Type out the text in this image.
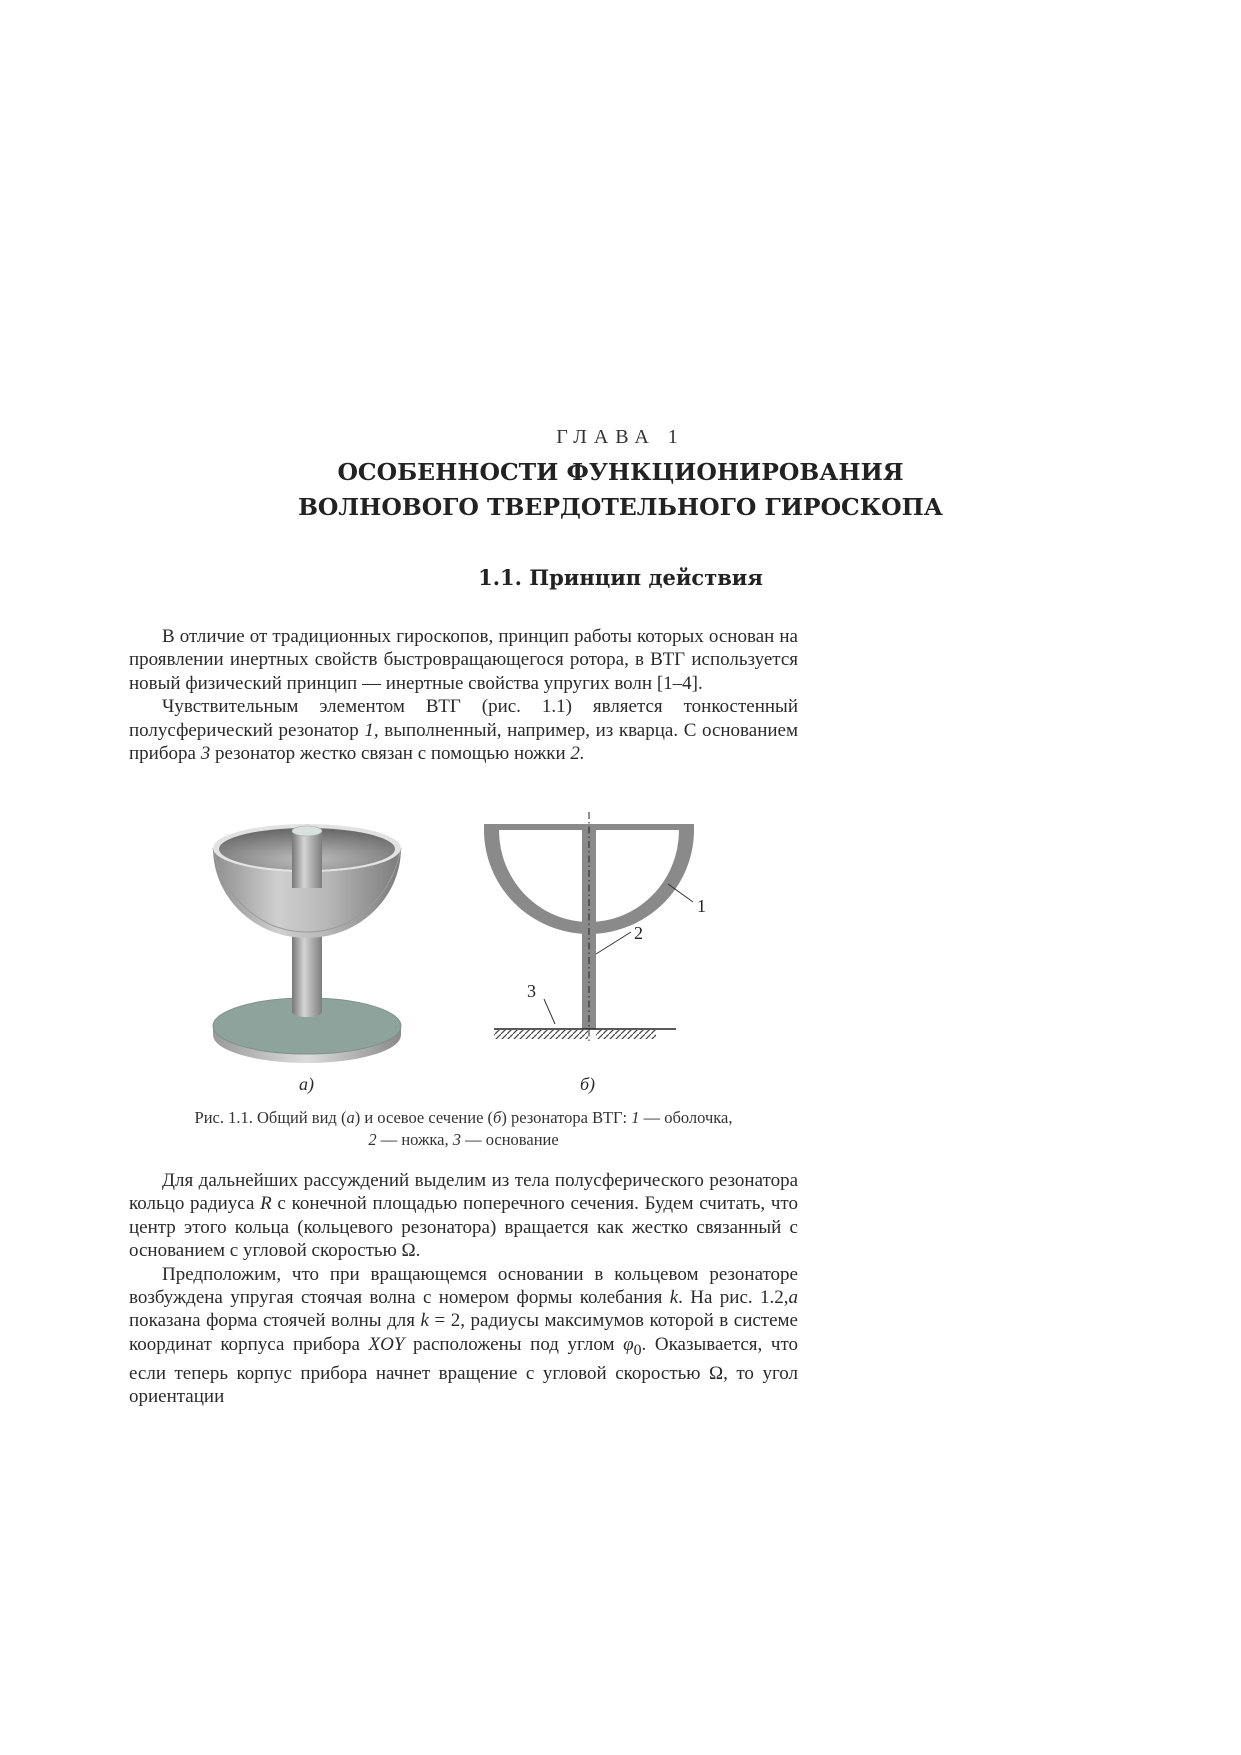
ГЛАВА 1
ОСОБЕННОСТИ ФУНКЦИОНИРОВАНИЯ
ВОЛНОВОГО ТВЕРДОТЕЛЬНОГО ГИРОСКОПА
1.1. Принцип действия

В отличие от традиционных гироскопов, принцип работы которых основан на проявлении инертных свойств быстровращающегося ротора, в ВТГ используется новый физический принцип — инертные свойства упругих волн [1–4].

Чувствительным элементом ВТГ (рис. 1.1) является тонкостенный полусферический резонатор 1, выполненный, например, из кварца. С основанием прибора 3 резонатор жестко связан с помощью ножки 2.

1
2
3
а)	б)
Рис. 1.1. Общий вид (а) и осевое сечение (б) резонатора ВТГ: 1 — оболочка,
2 — ножка, 3 — основание

Для дальнейших рассуждений выделим из тела полусферического резонатора кольцо радиуса R с конечной площадью поперечного сечения. Будем считать, что центр этого кольца (кольцевого резонатора) вращается как жестко связанный с основанием с угловой скоростью Ω.

Предположим, что при вращающемся основании в кольцевом резонаторе возбуждена упругая стоячая волна с номером формы колебания k. На рис. 1.2,а показана форма стоячей волны для k = 2, радиусы максимумов которой в системе координат корпуса прибора XOY расположены под углом $\varphi_0$. Оказывается, что если теперь корпус прибора начнет вращение с угловой скоростью Ω, то угол ориентации
